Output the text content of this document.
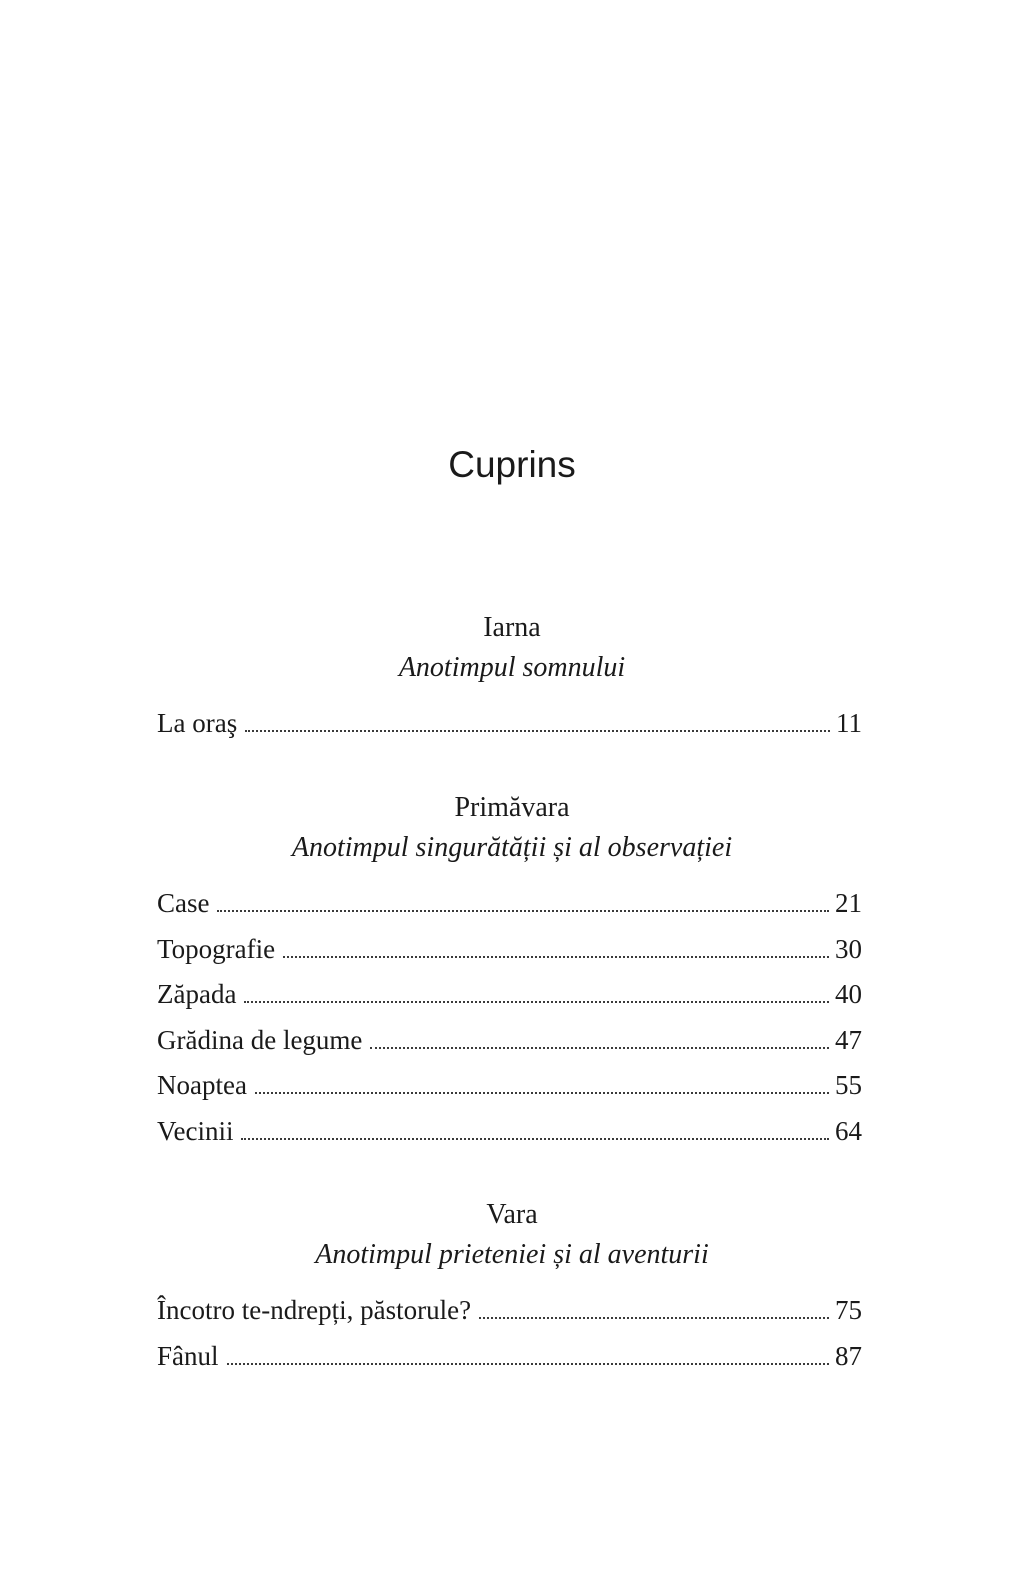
Cuprins
Iarna
Anotimpul somnului
La oraş	11
Primăvara
Anotimpul singurătății și al observației
Case	21
Topografie	30
Zăpada	40
Grădina de legume	47
Noaptea	55
Vecinii	64
Vara
Anotimpul prieteniei și al aventurii
Încotro te-ndrepți, păstorule?	75
Fânul	87
